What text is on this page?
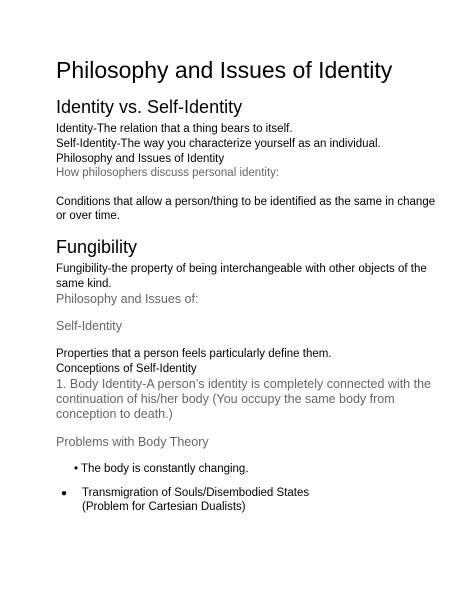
Philosophy and Issues of Identity
Identity vs. Self-Identity
Identity-The relation that a thing bears to itself.
Self-Identity-The way you characterize yourself as an individual.
Philosophy and Issues of Identity
How philosophers discuss personal identity:
Conditions that allow a person/thing to be identified as the same in change
or over time.
Fungibility
Fungibility-the property of being interchangeable with other objects of the
same kind.
Philosophy and Issues of:
Self-Identity
Properties that a person feels particularly define them.
Conceptions of Self-Identity
1. Body Identity-A person’s identity is completely connected with the
continuation of his/her body (You occupy the same body from
conception to death.)
Problems with Body Theory
• The body is constantly changing.
● Transmigration of Souls/Disembodied States
(Problem for Cartesian Dualists)
